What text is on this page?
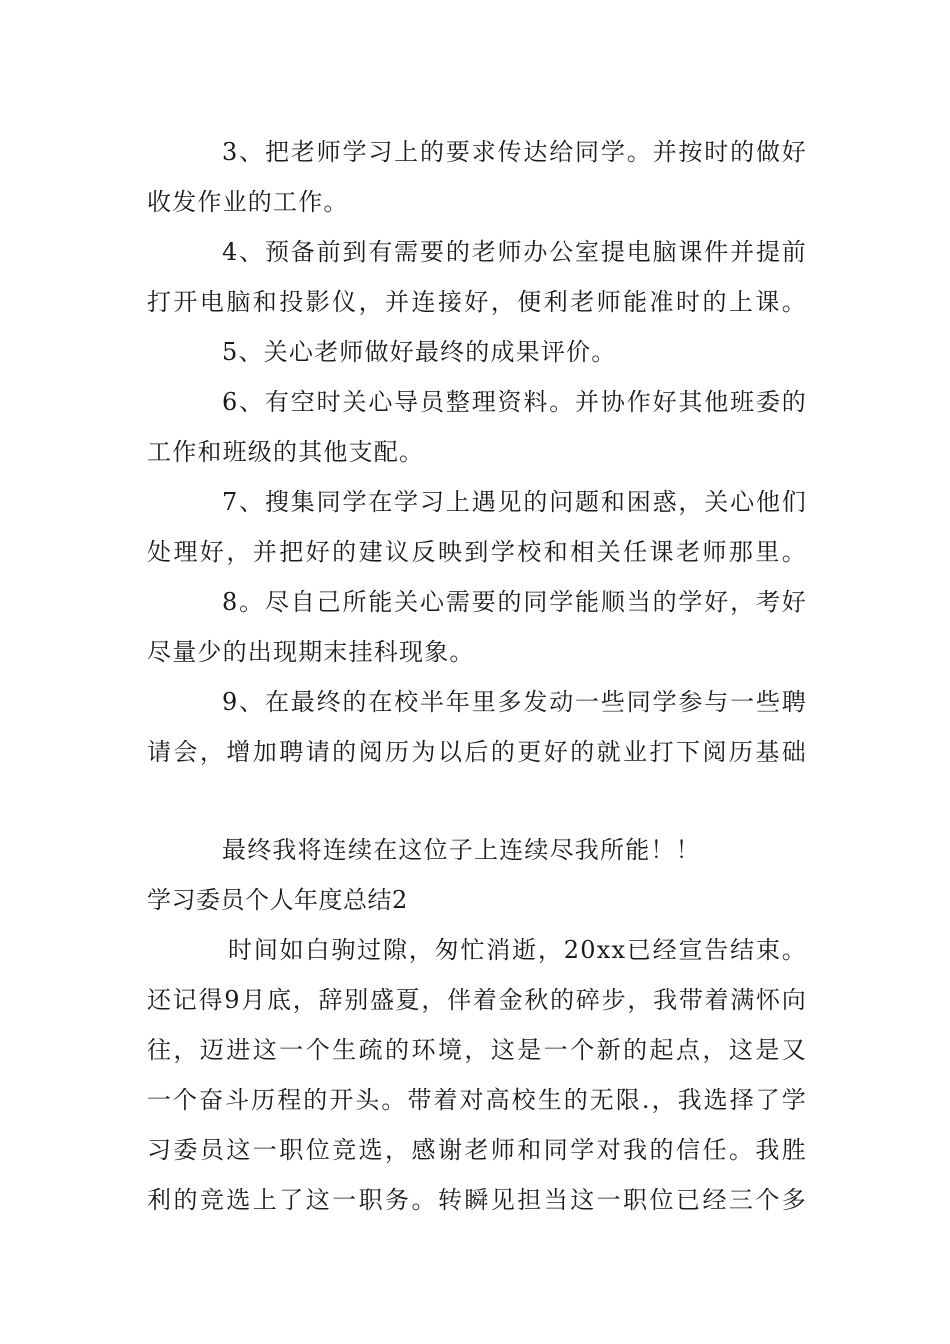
3、把老师学习上的要求传达给同学。并按时的做好
收发作业的工作。
4、预备前到有需要的老师办公室提电脑课件并提前
打开电脑和投影仪，并连接好，便利老师能准时的上课。
5、关心老师做好最终的成果评价。
6、有空时关心导员整理资料。并协作好其他班委的
工作和班级的其他支配。
7、搜集同学在学习上遇见的问题和困惑，关心他们
处理好，并把好的建议反映到学校和相关任课老师那里。
8。尽自己所能关心需要的同学能顺当的学好，考好
尽量少的出现期末挂科现象。
9、在最终的在校半年里多发动一些同学参与一些聘
请会，增加聘请的阅历为以后的更好的就业打下阅历基础
最终我将连续在这位子上连续尽我所能！！
学习委员个人年度总结2
时间如白驹过隙，匆忙消逝，20xx已经宣告结束。
还记得9月底，辞别盛夏，伴着金秋的碎步，我带着满怀向
往，迈进这一个生疏的环境，这是一个新的起点，这是又
一个奋斗历程的开头。带着对高校生的无限.，我选择了学
习委员这一职位竞选，感谢老师和同学对我的信任。我胜
利的竞选上了这一职务。转瞬见担当这一职位已经三个多
